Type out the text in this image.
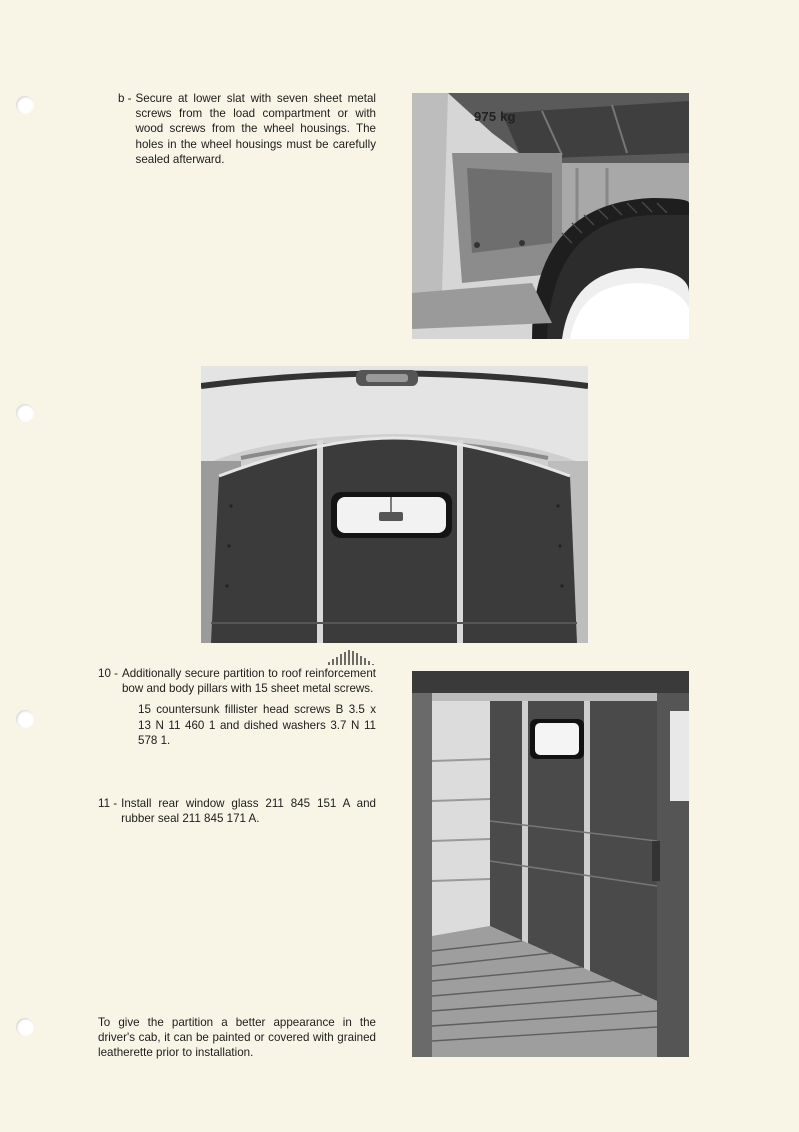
b - Secure at lower slat with seven sheet metal screws from the load compartment or with wood screws from the wheel housings. The holes in the wheel housings must be carefully sealed afterward.
975 kg
10 - Additionally secure partition to roof reinforcement bow and body pillars with 15 sheet metal screws.
15 countersunk fillister head screws B 3.5 x 13 N 11 460 1 and dished washers 3.7 N 11 578 1.
11 - Install rear window glass 211 845 151 A and rubber seal 211 845 171 A.
To give the partition a better appearance in the driver's cab, it can be painted or covered with grained leatherette prior to installation.
